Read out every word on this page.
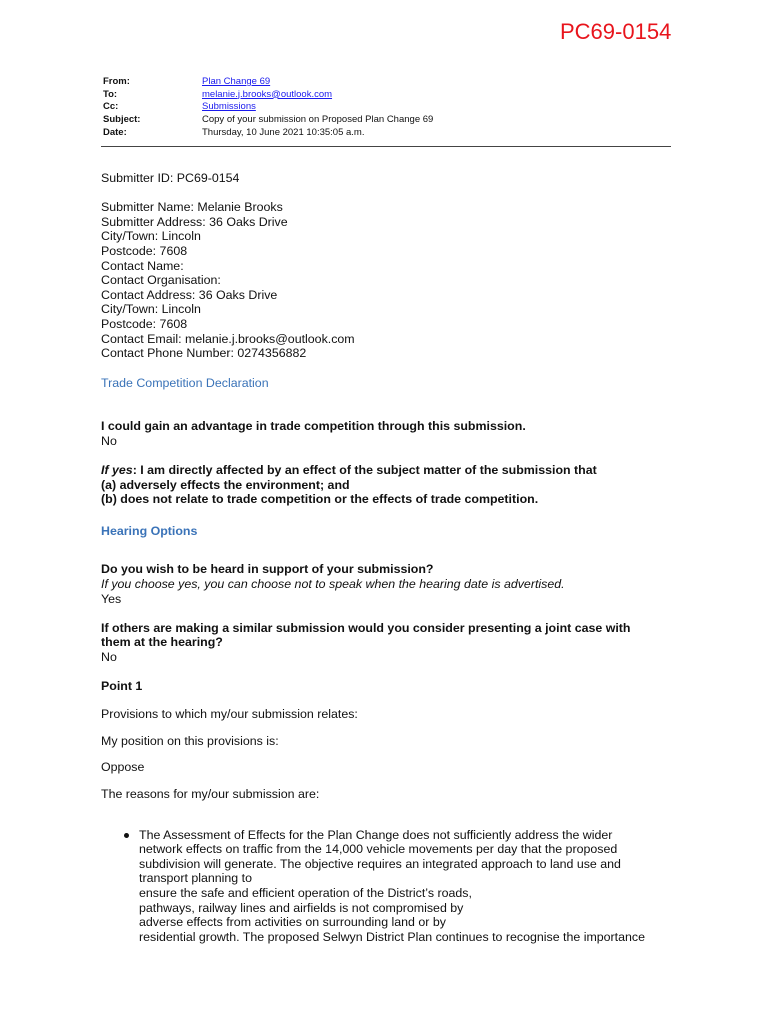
PC69-0154
From:	Plan Change 69
To:	melanie.j.brooks@outlook.com
Cc:	Submissions
Subject:	Copy of your submission on Proposed Plan Change 69
Date:	Thursday, 10 June 2021 10:35:05 a.m.

Submitter ID: PC69-0154

Submitter Name: Melanie Brooks

Submitter Address: 36 Oaks Drive

City/Town: Lincoln

Postcode: 7608

Contact Name:

Contact Organisation:

Contact Address: 36 Oaks Drive

City/Town: Lincoln

Postcode: 7608

Contact Email: melanie.j.brooks@outlook.com

Contact Phone Number: 0274356882

Trade Competition Declaration

I could gain an advantage in trade competition through this submission.

No

If yes: I am directly affected by an effect of the subject matter of the submission that

(a) adversely effects the environment; and

(b) does not relate to trade competition or the effects of trade competition.

Hearing Options

Do you wish to be heard in support of your submission?

If you choose yes, you can choose not to speak when the hearing date is advertised.

Yes

If others are making a similar submission would you consider presenting a joint case with

them at the hearing?

No

Point 1

Provisions to which my/our submission relates:

My position on this provisions is:

Oppose

The reasons for my/our submission are:

The Assessment of Effects for the Plan Change does not sufficiently address the wider

network effects on traffic from the 14,000 vehicle movements per day that the proposed

subdivision will generate. The objective requires an integrated approach to land use and

transport planning to

ensure the safe and efficient operation of the District’s roads,

pathways, railway lines and airfields is not compromised by

adverse effects from activities on surrounding land or by

residential growth. The proposed Selwyn District Plan continues to recognise the importance
